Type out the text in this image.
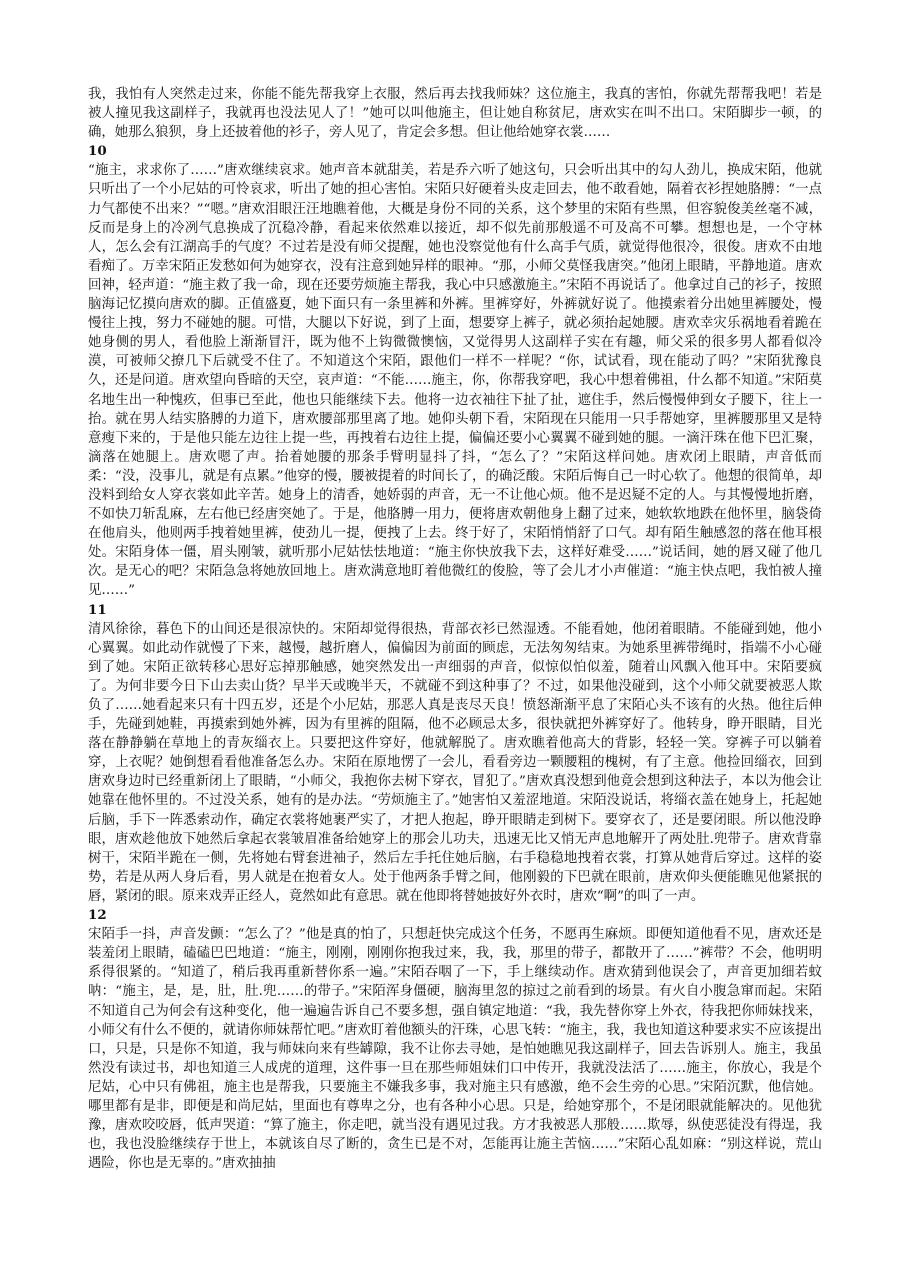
我，我怕有人突然走过来，你能不能先帮我穿上衣服，然后再去找我师妹？这位施主，我真的害怕，你就先帮帮我吧！若是被人撞见我这副样子，我就再也没法见人了！”她可以叫他施主，但让她自称贫尼，唐欢实在叫不出口。宋陌脚步一顿，的确，她那么狼狈，身上还披着他的衫子，旁人见了，肯定会多想。但让他给她穿衣裳……

10

“施主，求求你了……”唐欢继续哀求。她声音本就甜美，若是乔六听了她这句，只会听出其中的勾人劲儿，换成宋陌，他就只听出了一个小尼姑的可怜哀求，听出了她的担心害怕。宋陌只好硬着头皮走回去，他不敢看她，隔着衣衫捏她胳膊：“一点力气都使不出来？”“嗯。”唐欢泪眼汪汪地瞧着他，大概是身份不同的关系，这个梦里的宋陌有些黑，但容貌俊美丝毫不减，反而是身上的冷冽气息换成了沉稳冷静，看起来依然难以接近，却不似先前那般遥不可及高不可攀。想想也是，一个守林人，怎么会有江湖高手的气度？不过若是没有师父提醒，她也没察觉他有什么高手气质，就觉得他很冷，很俊。唐欢不由地看痴了。万幸宋陌正发愁如何为她穿衣，没有注意到她异样的眼神。“那，小师父莫怪我唐突。”他闭上眼睛，平静地道。唐欢回神，轻声道：“施主救了我一命，现在还要劳烦施主帮我，我心中只感激施主。”宋陌不再说话了。他拿过自己的衫子，按照脑海记忆摸向唐欢的脚。正值盛夏，她下面只有一条里裤和外裤。里裤穿好，外裤就好说了。他摸索着分出她里裤腰处，慢慢往上拽，努力不碰她的腿。可惜，大腿以下好说，到了上面，想要穿上裤子，就必须抬起她腰。唐欢幸灾乐祸地看着跪在她身侧的男人，看他脸上渐渐冒汗，既为他不上钩微微懊恼，又觉得男人这副样子实在有趣，师父采的很多男人都看似冷漠，可被师父撩几下后就受不住了。不知道这个宋陌，跟他们一样不一样呢？“你，试试看，现在能动了吗？”宋陌犹豫良久，还是问道。唐欢望向昏暗的天空，哀声道：“不能……施主，你，你帮我穿吧，我心中想着佛祖，什么都不知道。”宋陌莫名地生出一种愧疚，但事已至此，他也只能继续下去。他将一边衣袖往下扯了扯，遮住手，然后慢慢伸到女子腰下，往上一抬。就在男人结实胳膊的力道下，唐欢腰部那里离了地。她仰头朝下看，宋陌现在只能用一只手帮她穿，里裤腰那里又是特意瘦下来的，于是他只能左边往上提一些，再拽着右边往上提，偏偏还要小心翼翼不碰到她的腿。一滴汗珠在他下巴汇聚，滴落在她腿上。唐欢嗯了声。抬着她腰的那条手臂明显抖了抖，“怎么了？”宋陌这样问她。唐欢闭上眼睛，声音低而柔：“没，没事儿，就是有点累。”他穿的慢，腰被提着的时间长了，的确泛酸。宋陌后悔自己一时心软了。他想的很简单，却没料到给女人穿衣裳如此辛苦。她身上的清香，她娇弱的声音，无一不让他心烦。他不是迟疑不定的人。与其慢慢地折磨，不如快刀斩乱麻，左右他已经唐突她了。于是，他胳膊一用力，便将唐欢朝他身上翻了过来，她软软地跌在他怀里，脑袋倚在他肩头，他则两手拽着她里裤，使劲儿一提，便拽了上去。终于好了，宋陌悄悄舒了口气。却有陌生触感忽的落在他耳根处。宋陌身体一僵，眉头刚皱，就听那小尼姑怯怯地道：“施主你快放我下去，这样好难受……”说话间，她的唇又碰了他几次。是无心的吧？宋陌急急将她放回地上。唐欢满意地盯着他微红的俊脸，等了会儿才小声催道：“施主快点吧，我怕被人撞见……”

11

清风徐徐，暮色下的山间还是很凉快的。宋陌却觉得很热，背部衣衫已然湿透。不能看她，他闭着眼睛。不能碰到她，他小心翼翼。如此动作就慢了下来，越慢，越折磨人，偏偏因为前面的顾虑，无法匆匆结束。为她系里裤带绳时，指端不小心碰到了她。宋陌正欲转移心思好忘掉那触感，她突然发出一声细弱的声音，似惊似怕似羞，随着山风飘入他耳中。宋陌要疯了。为何非要今日下山去卖山货？早半天或晚半天，不就碰不到这种事了？不过，如果他没碰到，这个小师父就要被恶人欺负了……她看起来只有十四五岁，还是个小尼姑，那恶人真是丧尽天良！愤怒渐渐平息了宋陌心头不该有的火热。他往后伸手，先碰到她鞋，再摸索到她外裤，因为有里裤的阻隔，他不必顾忌太多，很快就把外裤穿好了。他转身，睁开眼睛，目光落在静静躺在草地上的青灰缁衣上。只要把这件穿好，他就解脱了。唐欢瞧着他高大的背影，轻轻一笑。穿裤子可以躺着穿，上衣呢？她倒想看看他准备怎么办。宋陌在原地愣了一会儿，看看旁边一颗腰粗的槐树，有了主意。他捡回缁衣，回到唐欢身边时已经重新闭上了眼睛，“小师父，我抱你去树下穿衣，冒犯了。”唐欢真没想到他竟会想到这种法子，本以为他会让她靠在他怀里的。不过没关系，她有的是办法。“劳烦施主了。”她害怕又羞涩地道。宋陌没说话，将缁衣盖在她身上，托起她后脑，手下一阵悉索动作，确定衣裳将她裹严实了，才把人抱起，睁开眼睛走到树下。要穿衣了，还是要闭眼。所以他没睁眼，唐欢趁他放下她然后拿起衣裳皱眉准备给她穿上的那会儿功夫，迅速无比又悄无声息地解开了两处肚.兜带子。唐欢背靠树干，宋陌半跪在一侧，先将她右臂套进袖子，然后左手托住她后脑，右手稳稳地拽着衣裳，打算从她背后穿过。这样的姿势，若是从两人身后看，男人就是在抱着女人。处于他两条手臂之间，他刚毅的下巴就在眼前，唐欢仰头便能瞧见他紧抿的唇，紧闭的眼。原来戏弄正经人，竟然如此有意思。就在他即将替她披好外衣时，唐欢“啊”的叫了一声。

12

宋陌手一抖，声音发颤：“怎么了？”他是真的怕了，只想赶快完成这个任务，不愿再生麻烦。即便知道他看不见，唐欢还是装羞闭上眼睛，磕磕巴巴地道：“施主，刚刚，刚刚你抱我过来，我，我，那里的带子，都散开了……”裤带？不会，他明明系得很紧的。“知道了，稍后我再重新替你系一遍。”宋陌吞咽了一下，手上继续动作。唐欢猜到他误会了，声音更加细若蚊呐：“施主，是，是，肚，肚.兜……的带子。”宋陌浑身僵硬，脑海里忽的掠过之前看到的场景。有火自小腹急窜而起。宋陌不知道自己为何会有这种变化，他一遍遍告诉自己不要多想，强自镇定地道：“我，我先替你穿上外衣，待我把你师妹找来，小师父有什么不便的，就请你师妹帮忙吧。”唐欢盯着他额头的汗珠，心思飞转：“施主，我，我也知道这种要求实不应该提出口，只是，只是你不知道，我与师妹向来有些罅隙，我不让你去寻她，是怕她瞧见我这副样子，回去告诉别人。施主，我虽然没有读过书，却也知道三人成虎的道理，这件事一旦在那些师姐妹们口中传开，我就没法活了……施主，你放心，我是个尼姑，心中只有佛祖，施主也是帮我，只要施主不嫌我多事，我对施主只有感激，绝不会生旁的心思。”宋陌沉默，他信她。哪里都有是非，即便是和尚尼姑，里面也有尊卑之分，也有各种小心思。只是，给她穿那个，不是闭眼就能解决的。见他犹豫，唐欢咬咬唇，低声哭道：“算了施主，你走吧，就当没有遇见过我。方才我被恶人那般……欺辱，纵使恶徒没有得逞，我也，我也没脸继续存于世上，本就该自尽了断的，贪生已是不对，怎能再让施主苦恼……”宋陌心乱如麻：“别这样说，荒山遇险，你也是无辜的。”唐欢抽抽
